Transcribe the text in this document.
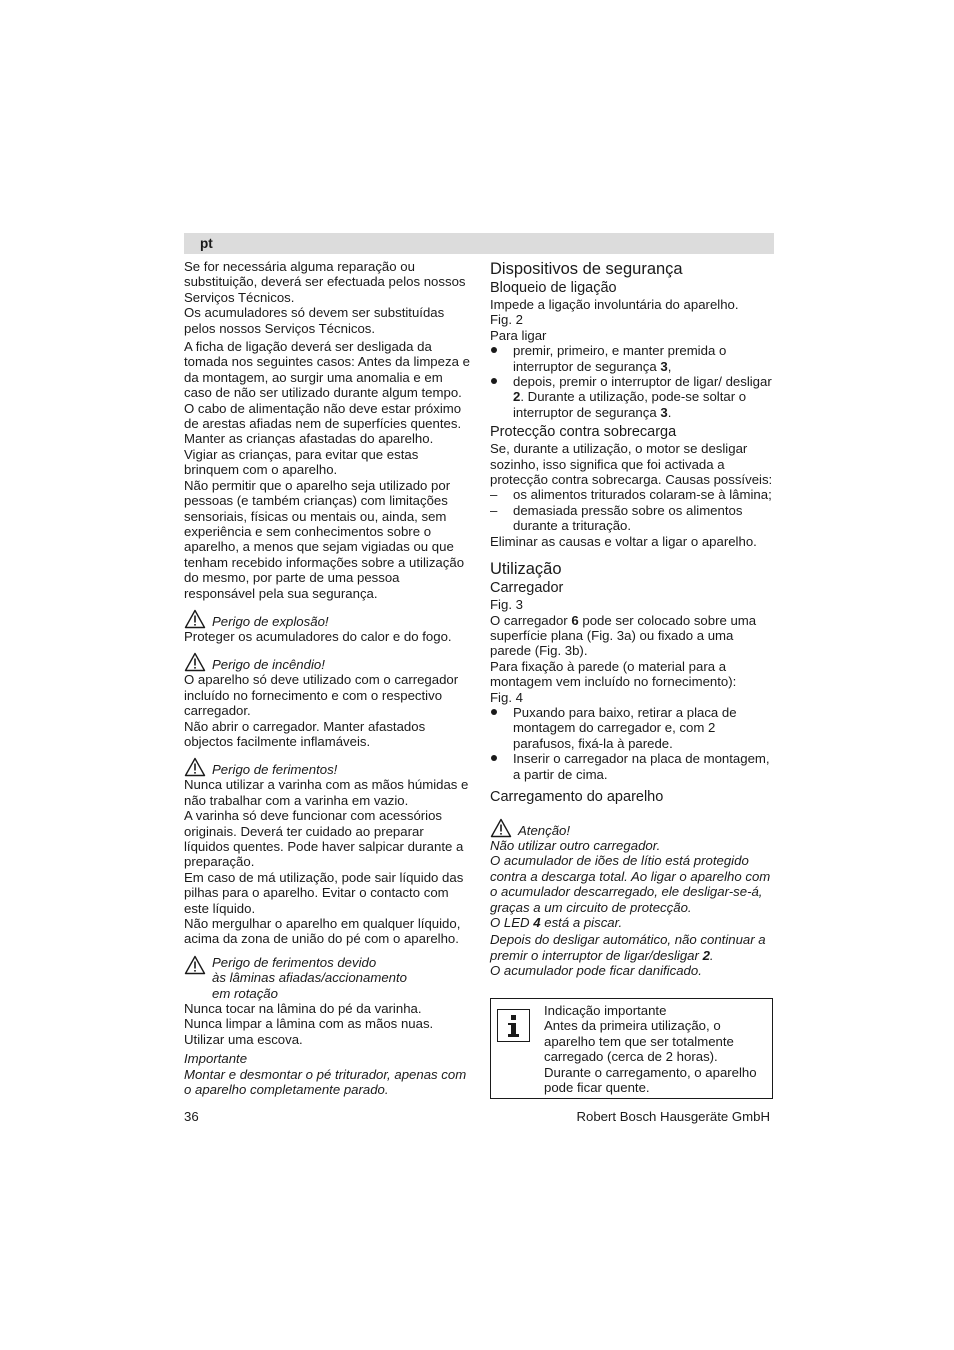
pt

Se for necessária alguma reparação ou substituição, deverá ser efectuada pelos nossos Serviços Técnicos.

Os acumuladores só devem ser substituídas pelos nossos Serviços Técnicos.

A ficha de ligação deverá ser desligada da tomada nos seguintes casos: Antes da limpeza e da montagem, ao surgir uma anomalia e em caso de não ser utilizado durante algum tempo.

O cabo de alimentação não deve estar próximo de arestas afiadas nem de superfícies quentes.

Manter as crianças afastadas do aparelho.

Vigiar as crianças, para evitar que estas brinquem com o aparelho.

Não permitir que o aparelho seja utilizado por pessoas (e também crianças) com limitações sensoriais, físicas ou mentais ou, ainda, sem experiência e sem conhecimentos sobre o aparelho, a menos que sejam vigiadas ou que tenham recebido informações sobre a utilização do mesmo, por parte de uma pessoa responsável pela sua segurança.

Perigo de explosão!

Proteger os acumuladores do calor e do fogo.

Perigo de incêndio!

O aparelho só deve utilizado com o carregador incluído no fornecimento e com o respectivo carregador.

Não abrir o carregador. Manter afastados objectos facilmente inflamáveis.

Perigo de ferimentos!

Nunca utilizar a varinha com as mãos húmidas e não trabalhar com a varinha em vazio.

A varinha só deve funcionar com acessórios originais. Deverá ter cuidado ao preparar líquidos quentes. Pode haver salpicar durante a preparação.

Em caso de má utilização, pode sair líquido das pilhas para o aparelho. Evitar o contacto com este líquido.

Não mergulhar o aparelho em qualquer líquido, acima da zona de união do pé com o aparelho.

Perigo de ferimentos devido
às lâminas afiadas/accionamento
em rotação

Nunca tocar na lâmina do pé da varinha.

Nunca limpar a lâmina com as mãos nuas.

Utilizar uma escova.

Importante

Montar e desmontar o pé triturador, apenas com o aparelho completamente parado.

Dispositivos de segurança
Bloqueio de ligação

Impede a ligação involuntária do aparelho.

Fig. 2

Para ligar

premir, primeiro, e manter premida o interruptor de segurança 3,
depois, premir o interruptor de ligar/ desligar 2. Durante a utilização, pode-se soltar o interruptor de segurança 3.
Protecção contra sobrecarga

Se, durante a utilização, o motor se desligar sozinho, isso significa que foi activada a protecção contra sobrecarga. Causas possíveis:

– os alimentos triturados colaram-se à lâmina;
– demasiada pressão sobre os alimentos durante a trituração.

Eliminar as causas e voltar a ligar o aparelho.

Utilização
Carregador

Fig. 3

O carregador 6 pode ser colocado sobre uma superfície plana (Fig. 3a) ou fixado a uma parede (Fig. 3b).

Para fixação à parede (o material para a montagem vem incluído no fornecimento):

Fig. 4

Puxando para baixo, retirar a placa de montagem do carregador e, com 2 parafusos, fixá-la à parede.
Inserir o carregador na placa de montagem, a partir de cima.
Carregamento do aparelho
Atenção!

Não utilizar outro carregador.

O acumulador de iões de lítio está protegido contra a descarga total. Ao ligar o aparelho com o acumulador descarregado, ele desligar-se-á, graças a um circuito de protecção.

O LED 4 está a piscar.

Depois do desligar automático, não continuar a premir o interruptor de ligar/desligar 2.

O acumulador pode ficar danificado.

Indicação importante

Antes da primeira utilização, o aparelho tem que ser totalmente carregado (cerca de 2 horas).

Durante o carregamento, o aparelho pode ficar quente.

36	Robert Bosch Hausgeräte GmbH
